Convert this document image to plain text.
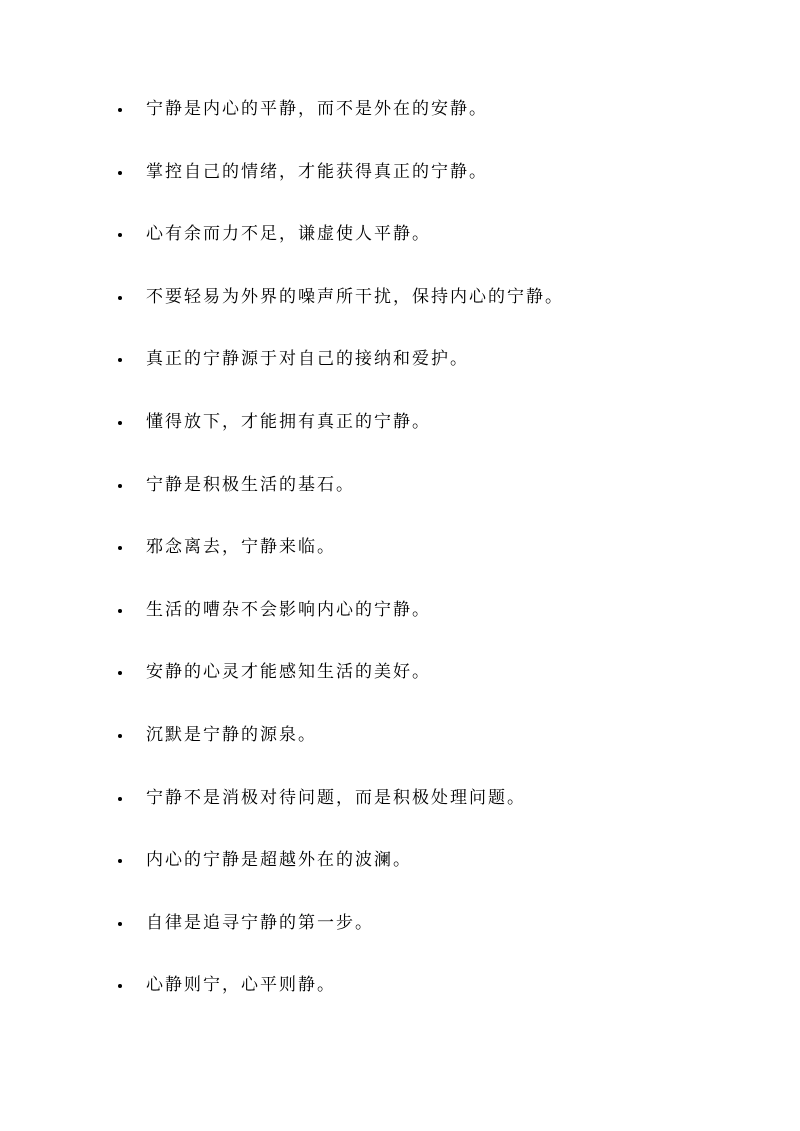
宁静是内心的平静，而不是外在的安静。
掌控自己的情绪，才能获得真正的宁静。
心有余而力不足，谦虚使人平静。
不要轻易为外界的噪声所干扰，保持内心的宁静。
真正的宁静源于对自己的接纳和爱护。
懂得放下，才能拥有真正的宁静。
宁静是积极生活的基石。
邪念离去，宁静来临。
生活的嘈杂不会影响内心的宁静。
安静的心灵才能感知生活的美好。
沉默是宁静的源泉。
宁静不是消极对待问题，而是积极处理问题。
内心的宁静是超越外在的波澜。
自律是追寻宁静的第一步。
心静则宁，心平则静。
